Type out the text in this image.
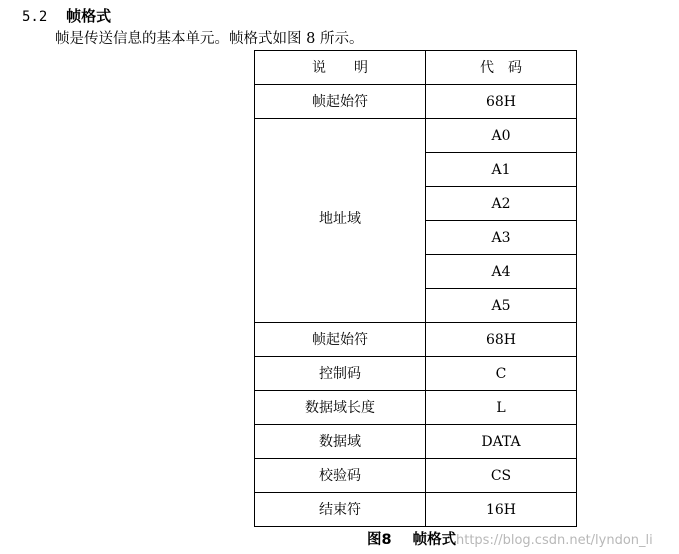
5.2 帧格式
帧是传送信息的基本单元。帧格式如图 8 所示。
说　　明	代　码
帧起始符	68H
地址域	A0
	A1
	A2
	A3
	A4
	A5
帧起始符	68H
控制码	C
数据域长度	L
数据域	DATA
校验码	CS
结束符	16H
图8 帧格式 https://blog.csdn.net/lyndon_li
